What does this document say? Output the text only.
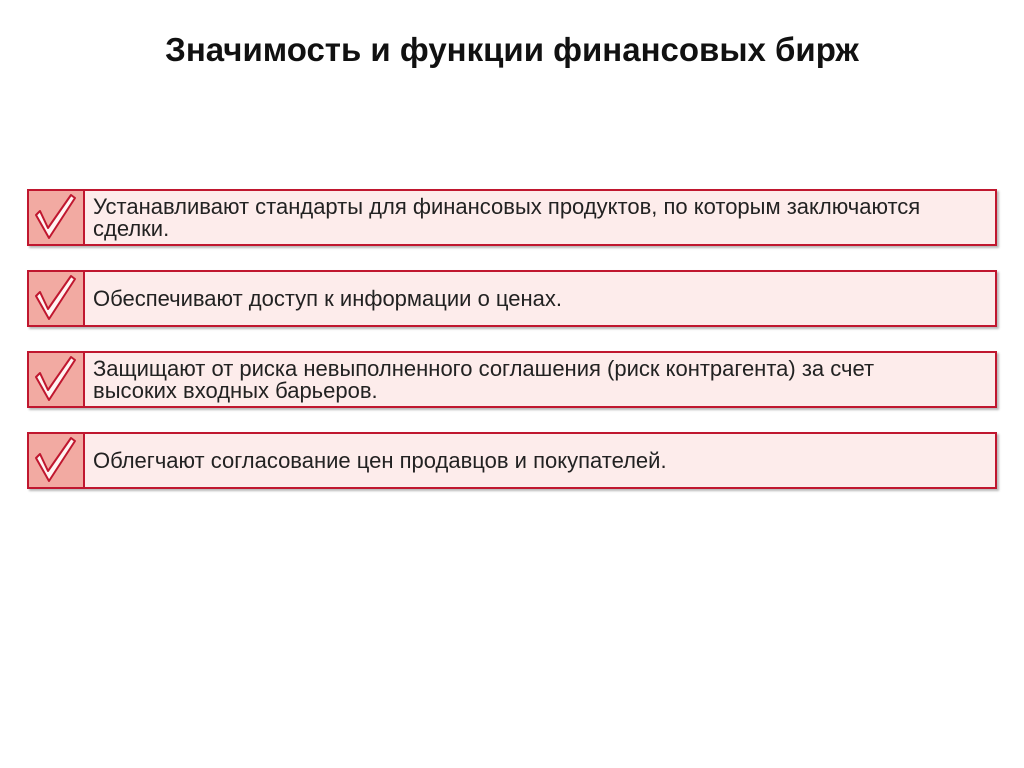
Значимость и функции финансовых бирж
Устанавливают стандарты для финансовых продуктов, по которым заключаются сделки.
Обеспечивают доступ к информации о ценах.
Защищают от риска невыполненного соглашения (риск контрагента) за счет высоких входных барьеров.
Облегчают согласование цен продавцов и покупателей.
